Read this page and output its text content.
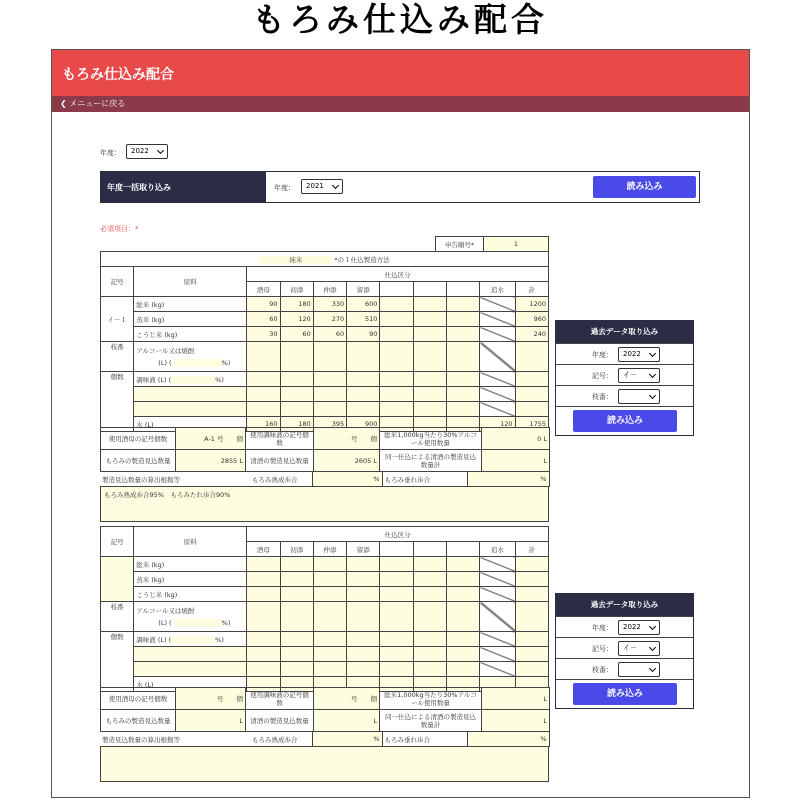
もろみ仕込み配合
もろみ仕込み配合
❮ メニューに戻る
年度：	2022
年度一括取り込み	年度：	2021	読み込み
必須項目：*
申告順号*	1
純米 *の１仕込製造方法										
記号	原料	仕込区分								
		酒母	初添	仲添	留添				追水	計
イ－１	総米 (kg)	90	180	330	600					1200
	蒸米 (kg)	60	120	270	510					960
	こうじ米 (kg)	30	60	60	90					240
枝番	アルコール又は焼酎
(L) ( %)									
個数	調味液 (L) ( %)									

	水 (L)	160	180	395	900				120	1755
使用酒母の記号個数	A-1 号　　 個	使用調味液の記号個数	号　　 個	総米1,000kg当たり30%アルコール使用数量	0 L
もろみの製造見込数量	2855 L	清酒の製造見込数量	2605 L	同一仕込による清酒の製造見込数量計	L
製造見込数量の算出根拠等	もろみ熟成歩合	%	もろみ垂れ歩合	%
もろみ熟成歩合95%　もろみたれ歩合90%
記号	原料	仕込区分								
		酒母	初添	仲添	留添				追水	計
	総米 (kg)									
	蒸米 (kg)									
	こうじ米 (kg)									
枝番	アルコール又は焼酎
(L) ( %)									
個数	調味液 (L) ( %)									

	水 (L)									
使用酒母の記号個数	号　　 個	使用調味液の記号個数	号　　 個	総米1,000kg当たり30%アルコール使用数量	L
もろみの製造見込数量	L	清酒の製造見込数量	L	同一仕込による清酒の製造見込数量計	L
製造見込数量の算出根拠等	もろみ熟成歩合	%	もろみ垂れ歩合	%
過去データ取り込み
年度：	2022
記号：	イ－
枝番：
読み込み
過去データ取り込み
年度：	2022
記号：	イ－
枝番：
読み込み
